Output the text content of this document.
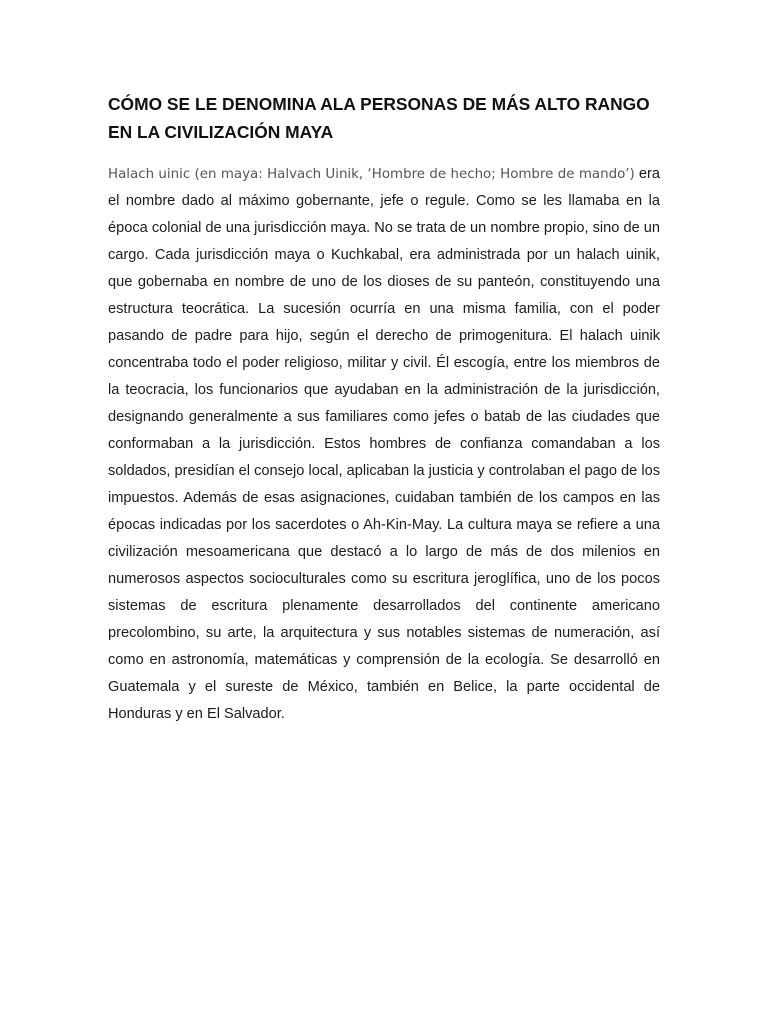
CÓMO SE LE DENOMINA ALA PERSONAS DE MÁS ALTO RANGO EN LA CIVILIZACIÓN MAYA

Halach uinic (en maya: Halvach Uinik, ‘Hombre de hecho; Hombre de mando’) era el nombre dado al máximo gobernante, jefe o regule. Como se les llamaba en la época colonial de una jurisdicción maya. No se trata de un nombre propio, sino de un cargo. Cada jurisdicción maya o Kuchkabal, era administrada por un halach uinik, que gobernaba en nombre de uno de los dioses de su panteón, constituyendo una estructura teocrática. La sucesión ocurría en una misma familia, con el poder pasando de padre para hijo, según el derecho de primogenitura. El halach uinik concentraba todo el poder religioso, militar y civil. Él escogía, entre los miembros de la teocracia, los funcionarios que ayudaban en la administración de la jurisdicción, designando generalmente a sus familiares como jefes o batab de las ciudades que conformaban a la jurisdicción. Estos hombres de confianza comandaban a los soldados, presidían el consejo local, aplicaban la justicia y controlaban el pago de los impuestos. Además de esas asignaciones, cuidaban también de los campos en las épocas indicadas por los sacerdotes o Ah-Kin-May. La cultura maya se refiere a una civilización mesoamericana que destacó a lo largo de más de dos milenios en numerosos aspectos socioculturales como su escritura jeroglífica, uno de los pocos sistemas de escritura plenamente desarrollados del continente americano precolombino, su arte, la arquitectura y sus notables sistemas de numeración, así como en astronomía, matemáticas y comprensión de la ecología. Se desarrolló en Guatemala y el sureste de México, también en Belice, la parte occidental de Honduras y en El Salvador.
